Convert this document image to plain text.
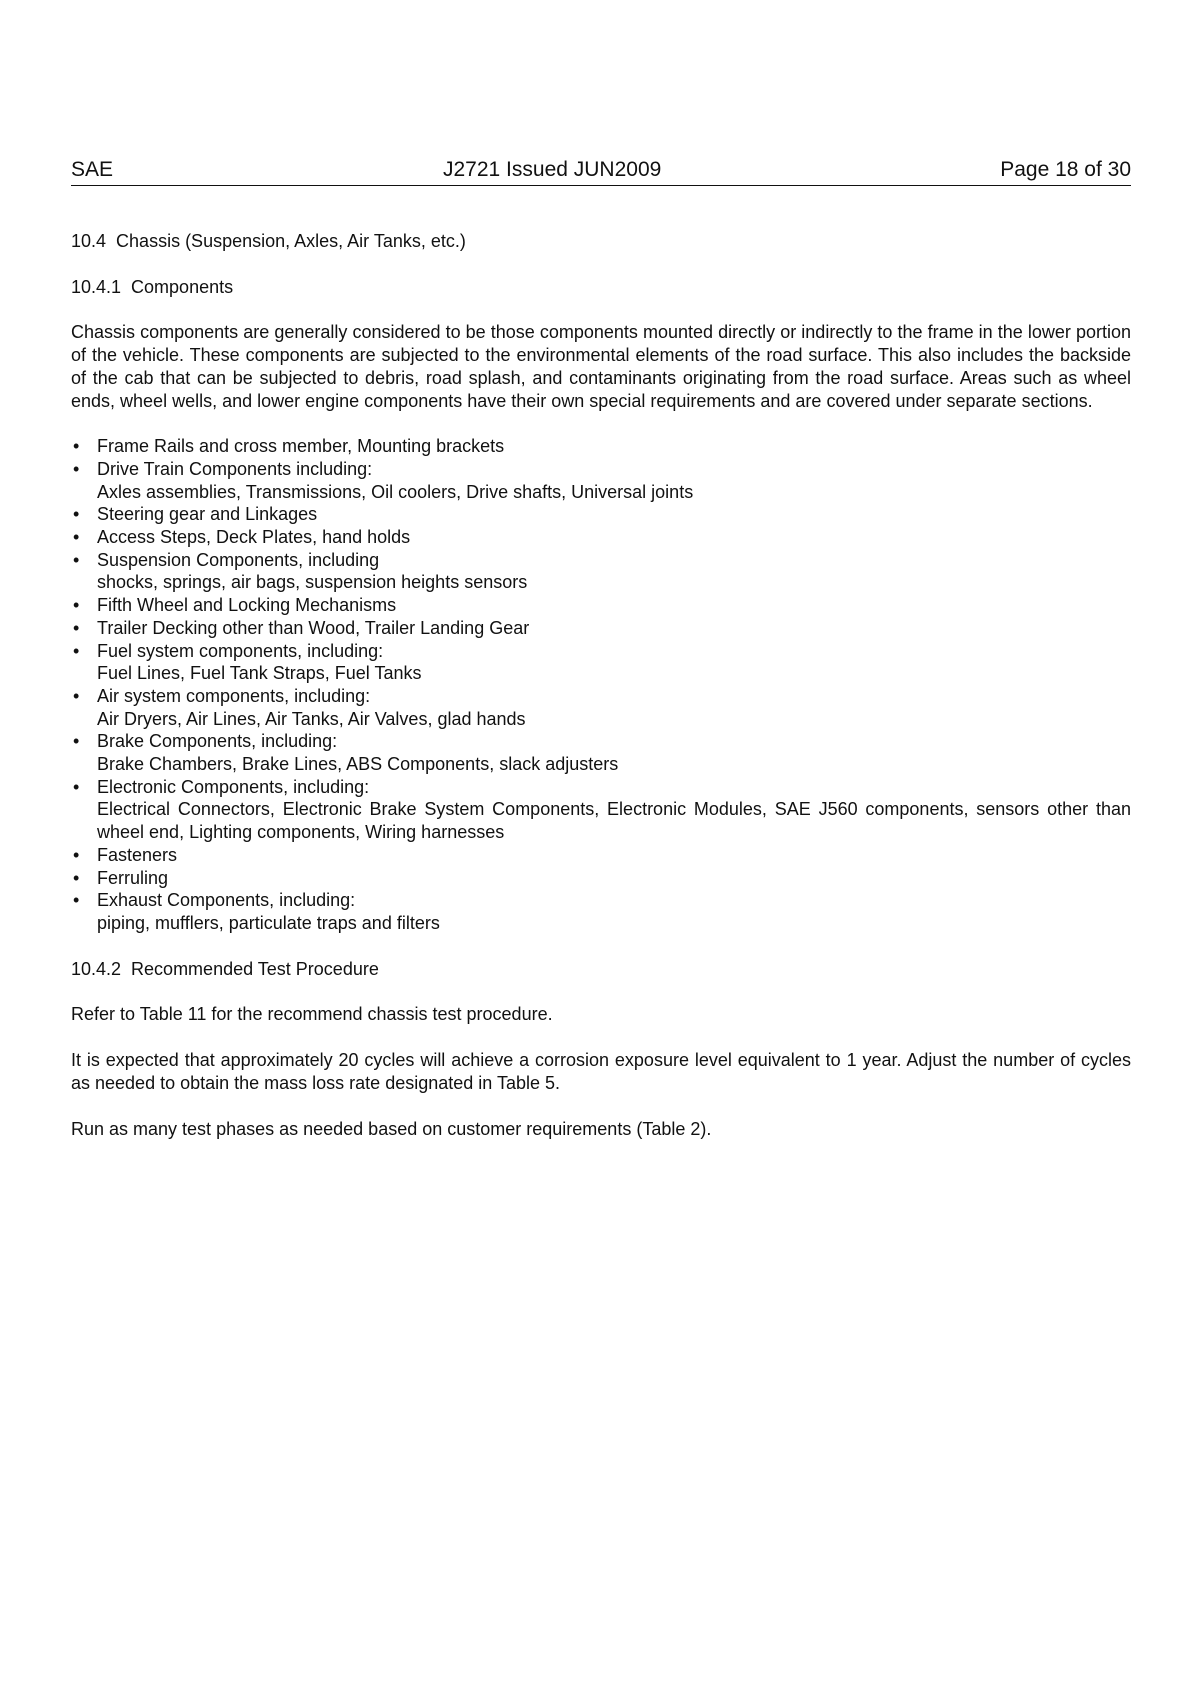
SAE	J2721 Issued JUN2009	Page 18 of 30
10.4 Chassis (Suspension, Axles, Air Tanks, etc.)
10.4.1 Components

Chassis components are generally considered to be those components mounted directly or indirectly to the frame in the lower portion of the vehicle. These components are subjected to the environmental elements of the road surface. This also includes the backside of the cab that can be subjected to debris, road splash, and contaminants originating from the road surface. Areas such as wheel ends, wheel wells, and lower engine components have their own special requirements and are covered under separate sections.

• Frame Rails and cross member, Mounting brackets
• Drive Train Components including:
Axles assemblies, Transmissions, Oil coolers, Drive shafts, Universal joints
• Steering gear and Linkages
• Access Steps, Deck Plates, hand holds
• Suspension Components, including
shocks, springs, air bags, suspension heights sensors
• Fifth Wheel and Locking Mechanisms
• Trailer Decking other than Wood, Trailer Landing Gear
• Fuel system components, including:
Fuel Lines, Fuel Tank Straps, Fuel Tanks
• Air system components, including:
Air Dryers, Air Lines, Air Tanks, Air Valves, glad hands
• Brake Components, including:
Brake Chambers, Brake Lines, ABS Components, slack adjusters
• Electronic Components, including:
Electrical Connectors, Electronic Brake System Components, Electronic Modules, SAE J560 components, sensors other than wheel end, Lighting components, Wiring harnesses
• Fasteners
• Ferruling
• Exhaust Components, including:
piping, mufflers, particulate traps and filters
10.4.2 Recommended Test Procedure

Refer to Table 11 for the recommend chassis test procedure.

It is expected that approximately 20 cycles will achieve a corrosion exposure level equivalent to 1 year. Adjust the number of cycles as needed to obtain the mass loss rate designated in Table 5.

Run as many test phases as needed based on customer requirements (Table 2).
